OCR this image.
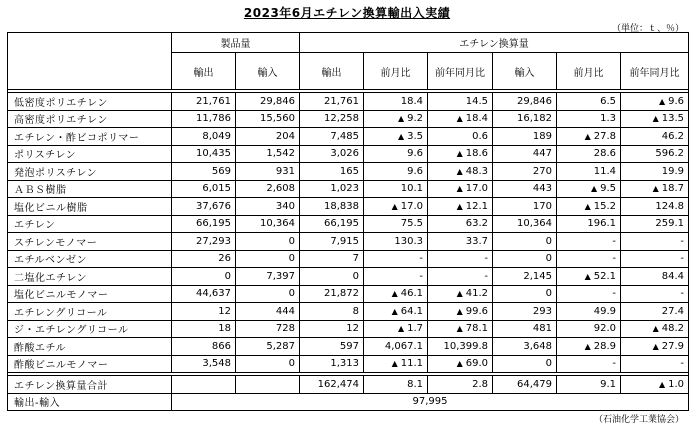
2023年6月エチレン換算輸出入実績
（単位：ｔ、％）
	製品量		エチレン換算量					
	輸出	輸入	輸出	前月比	前年同月比	輸入	前月比	前年同月比

低密度ポリエチレン	21,761	29,846	21,761	18.4	14.5	29,846	6.5	▲ 9.6
高密度ポリエチレン	11,786	15,560	12,258	▲ 9.2	▲ 18.4	16,182	1.3	▲ 13.5
エチレン・酢ビコポリマー	8,049	204	7,485	▲ 3.5	0.6	189	▲ 27.8	46.2
ポリスチレン	10,435	1,542	3,026	9.6	▲ 18.6	447	28.6	596.2
発泡ポリスチレン	569	931	165	9.6	▲ 48.3	270	11.4	19.9
ＡＢＳ樹脂	6,015	2,608	1,023	10.1	▲ 17.0	443	▲ 9.5	▲ 18.7
塩化ビニル樹脂	37,676	340	18,838	▲ 17.0	▲ 12.1	170	▲ 15.2	124.8
エチレン	66,195	10,364	66,195	75.5	63.2	10,364	196.1	259.1
スチレンモノマー	27,293	0	7,915	130.3	33.7	0	-	-
エチルベンゼン	26	0	7	-	-	0	-	-
二塩化エチレン	0	7,397	0	-	-	2,145	▲ 52.1	84.4
塩化ビニルモノマー	44,637	0	21,872	▲ 46.1	▲ 41.2	0	-	-
エチレングリコール	12	444	8	▲ 64.1	▲ 99.6	293	49.9	27.4
ジ・エチレングリコール	18	728	12	▲ 1.7	▲ 78.1	481	92.0	▲ 48.2
酢酸エチル	866	5,287	597	4,067.1	10,399.8	3,648	▲ 28.9	▲ 27.9
酢酸ビニルモノマー	3,548	0	1,313	▲ 11.1	▲ 69.0	0	-	-

エチレン換算量合計			162,474	8.1	2.8	64,479	9.1	▲ 1.0
輸出-輸入	97,995							
（石油化学工業協会）
